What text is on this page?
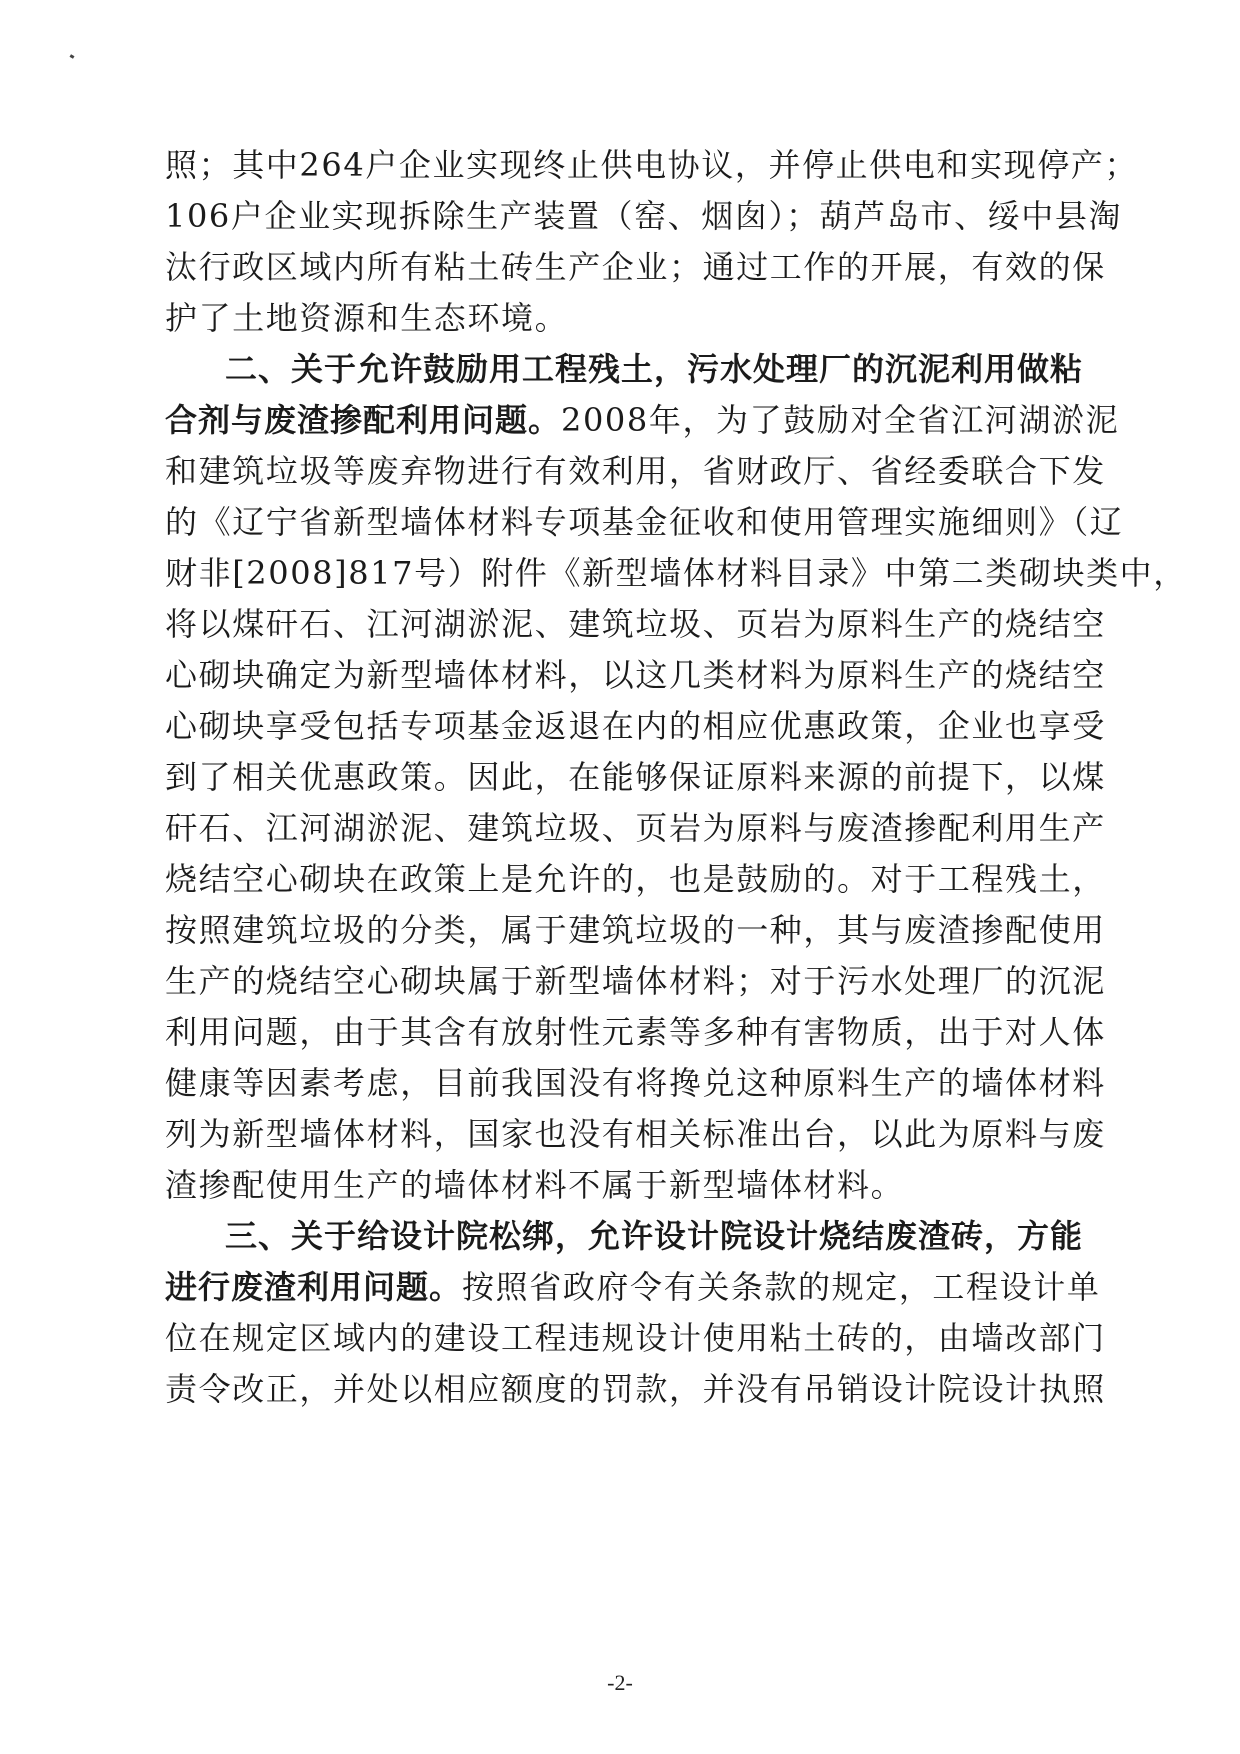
照；其中264户企业实现终止供电协议，并停止供电和实现停产；
106户企业实现拆除生产装置（窑、烟囱）；葫芦岛市、绥中县淘
汰行政区域内所有粘土砖生产企业；通过工作的开展，有效的保
护了土地资源和生态环境。
二、关于允许鼓励用工程残土，污水处理厂的沉泥利用做粘
合剂与废渣掺配利用问题。2008年，为了鼓励对全省江河湖淤泥
和建筑垃圾等废弃物进行有效利用，省财政厅、省经委联合下发
的《辽宁省新型墙体材料专项基金征收和使用管理实施细则》（辽
财非[2008]817号）附件《新型墙体材料目录》中第二类砌块类中，
将以煤矸石、江河湖淤泥、建筑垃圾、页岩为原料生产的烧结空
心砌块确定为新型墙体材料，以这几类材料为原料生产的烧结空
心砌块享受包括专项基金返退在内的相应优惠政策，企业也享受
到了相关优惠政策。因此，在能够保证原料来源的前提下，以煤
矸石、江河湖淤泥、建筑垃圾、页岩为原料与废渣掺配利用生产
烧结空心砌块在政策上是允许的，也是鼓励的。对于工程残土，
按照建筑垃圾的分类，属于建筑垃圾的一种，其与废渣掺配使用
生产的烧结空心砌块属于新型墙体材料；对于污水处理厂的沉泥
利用问题，由于其含有放射性元素等多种有害物质，出于对人体
健康等因素考虑，目前我国没有将搀兑这种原料生产的墙体材料
列为新型墙体材料，国家也没有相关标准出台，以此为原料与废
渣掺配使用生产的墙体材料不属于新型墙体材料。
三、关于给设计院松绑，允许设计院设计烧结废渣砖，方能
进行废渣利用问题。按照省政府令有关条款的规定，工程设计单
位在规定区域内的建设工程违规设计使用粘土砖的，由墙改部门
责令改正，并处以相应额度的罚款，并没有吊销设计院设计执照
-2-
